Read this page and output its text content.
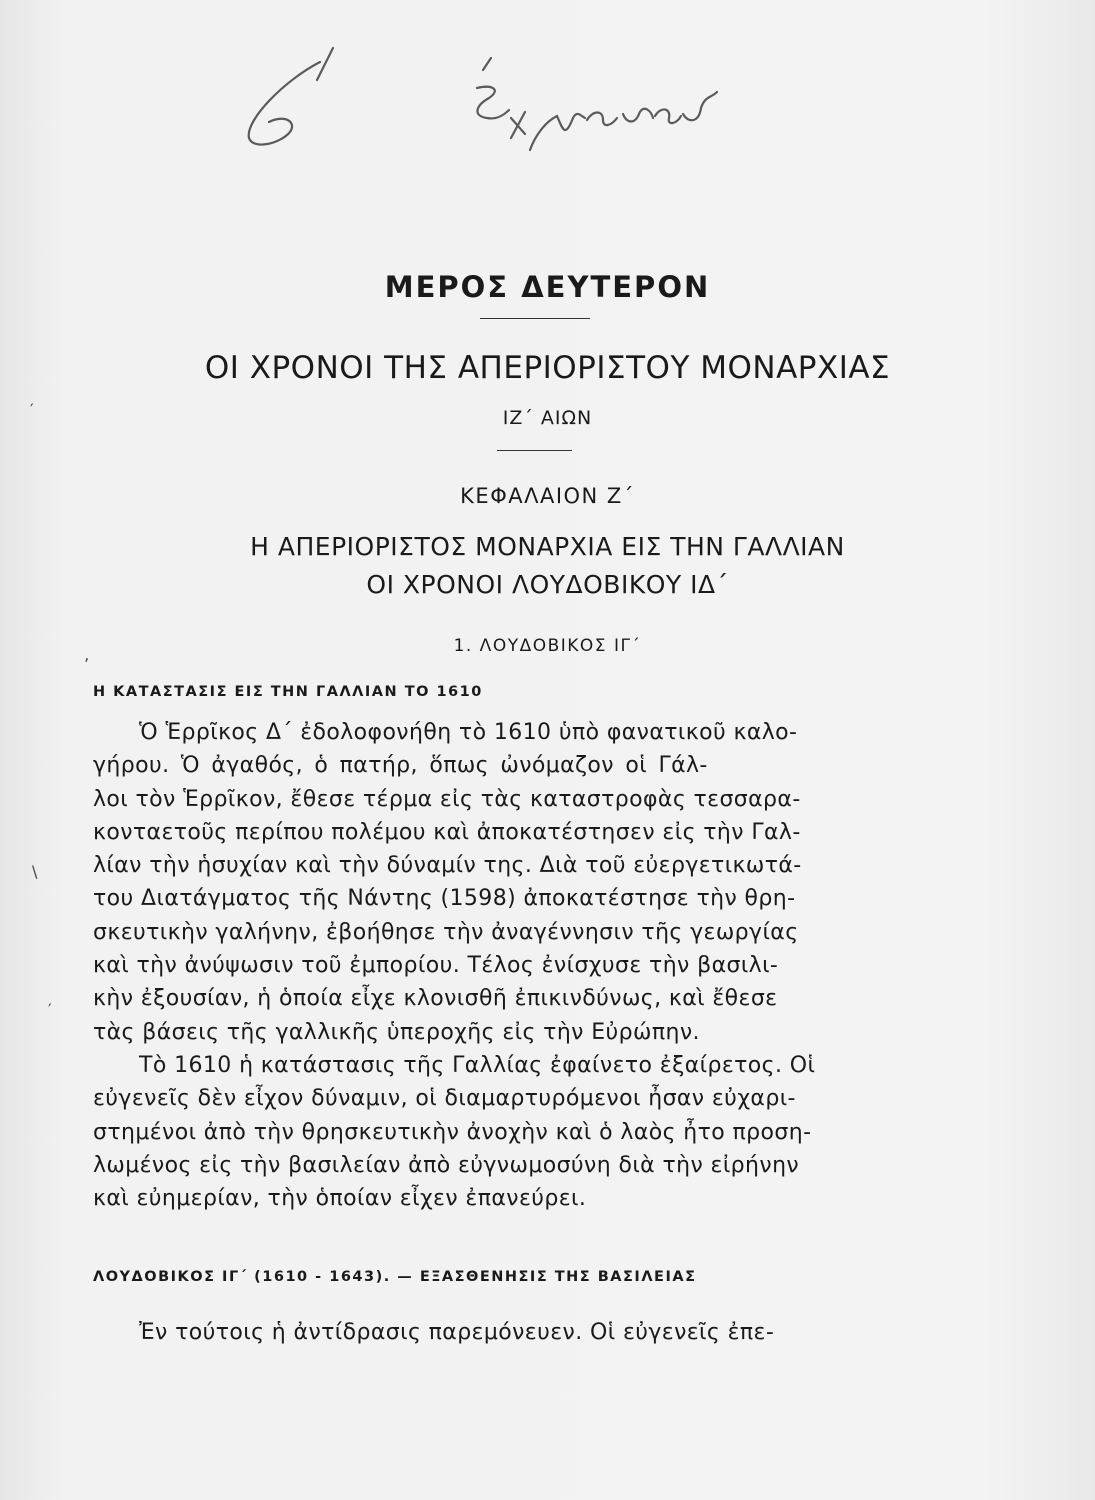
ΜΕΡΟΣ ΔΕΥΤΕΡΟΝ
ΟΙ ΧΡΟΝΟΙ ΤΗΣ ΑΠΕΡΙΟΡΙΣΤΟΥ ΜΟΝΑΡΧΙΑΣ
ΙΖ΄ ΑΙΩΝ
ΚΕΦΑΛΑΙΟΝ Ζ΄
Η ΑΠΕΡΙΟΡΙΣΤΟΣ ΜΟΝΑΡΧΙΑ ΕΙΣ ΤΗΝ ΓΑΛΛΙΑΝ
ΟΙ ΧΡΟΝΟΙ ΛΟΥΔΟΒΙΚΟΥ ΙΔ΄
1. ΛΟΥΔΟΒΙΚΟΣ ΙΓ΄
Η ΚΑΤΑΣΤΑΣΙΣ ΕΙΣ ΤΗΝ ΓΑΛΛΙΑΝ ΤΟ 1610
Ὁ Ἑρρῖκος Δ΄ ἐδολοφονήθη τὸ 1610 ὑπὸ φανατικοῦ καλο-
γήρου. Ὁ ἀγαθός, ὁ πατήρ, ὅπως ὠνόμαζον οἱ Γάλ-
λοι τὸν Ἑρρῖκον, ἔθεσε τέρμα εἰς τὰς καταστροφὰς τεσσαρα-
κονταετοῦς περίπου πολέμου καὶ ἀποκατέστησεν εἰς τὴν Γαλ-
λίαν τὴν ἡσυχίαν καὶ τὴν δύναμίν της. Διὰ τοῦ εὐεργετικωτά-
του Διατάγματος τῆς Νάντης (1598) ἀποκατέστησε τὴν θρη-
σκευτικὴν γαλήνην, ἐβοήθησε τὴν ἀναγέννησιν τῆς γεωργίας
καὶ τὴν ἀνύψωσιν τοῦ ἐμπορίου. Τέλος ἐνίσχυσε τὴν βασιλι-
κὴν ἐξουσίαν, ἡ ὁποία εἶχε κλονισθῆ ἐπικινδύνως, καὶ ἔθεσε
τὰς βάσεις τῆς γαλλικῆς ὑπεροχῆς εἰς τὴν Εὐρώπην.
Τὸ 1610 ἡ κατάστασις τῆς Γαλλίας ἐφαίνετο ἐξαίρετος. Οἱ
εὐγενεῖς δὲν εἶχον δύναμιν, οἱ διαμαρτυρόμενοι ἦσαν εὐχαρι-
στημένοι ἀπὸ τὴν θρησκευτικὴν ἀνοχὴν καὶ ὁ λαὸς ἦτο προση-
λωμένος εἰς τὴν βασιλείαν ἀπὸ εὐγνωμοσύνη διὰ τὴν εἰρήνην
καὶ εὐημερίαν, τὴν ὁποίαν εἶχεν ἐπανεύρει.
ΛΟΥΔΟΒΙΚΟΣ ΙΓ΄ (1610 - 1643). — ΕΞΑΣΘΕΝΗΣΙΣ ΤΗΣ ΒΑΣΙΛΕΙΑΣ
Ἐν τούτοις ἡ ἀντίδρασις παρεμόνευεν. Οἱ εὐγενεῖς ἐπε-
′
ʼ
\
′
